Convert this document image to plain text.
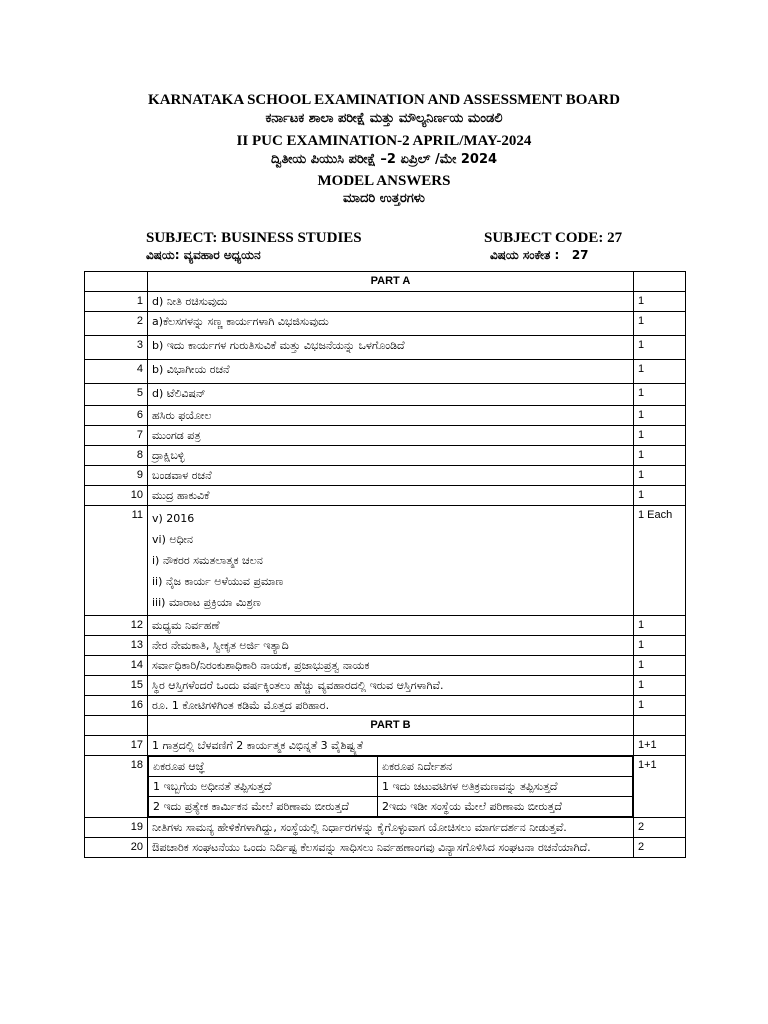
KARNATAKA SCHOOL EXAMINATION AND ASSESSMENT BOARD
ಕರ್ನಾಟಕ ಶಾಲಾ ಪರೀಕ್ಷೆ ಮತ್ತು ಮೌಲ್ಯನಿರ್ಣಯ ಮಂಡಲಿ
II PUC EXAMINATION-2 APRIL/MAY-2024
ದ್ವಿತೀಯ ಪಿಯುಸಿ ಪರೀಕ್ಷೆ –2 ಏಪ್ರಿಲ್ /ಮೇ 2024
MODEL ANSWERS
ಮಾದರಿ ಉತ್ತರಗಳು
SUBJECT: BUSINESS STUDIES
ವಿಷಯ: ವ್ಯವಹಾರ ಅಧ್ಯಯನ
SUBJECT CODE: 27
ವಿಷಯ ಸಂಕೇತ :   27
	PART A	
1	d) ನೀತಿ ರಚಿಸುವುದು	1
2	a)ಕೆಲಸಗಳನ್ನು ಸಣ್ಣ ಕಾರ್ಯಗಳಾಗಿ ವಿಭಜಿಸುವುದು	1
3	b) ಇದು ಕಾರ್ಯಗಳ ಗುರುತಿಸುವಿಕೆ ಮತ್ತು ವಿಭಜನೆಯನ್ನು ಒಳಗೊಂಡಿದೆ	1
4	b) ವಿಭಾಗೀಯ ರಚನೆ	1
5	d) ಟೆಲಿವಿಷನ್	1
6	ಹಸಿರು ಫಯೋಲ	1
7	ಮುಂಗಡ ಪತ್ರ	1
8	ದ್ರಾಕ್ಷಿಬಳ್ಳಿ	1
9	ಬಂಡವಾಳ ರಚನೆ	1
10	ಮುದ್ರ ಹಾಕುವಿಕೆ	1
11	v) 2016
vi) ಅಧೀನ
i) ನೌಕರರ ಸಮತಲಾತ್ಮಕ ಚಲನ
ii) ನೈಜ ಕಾರ್ಯ ಅಳೆಯುವ ಪ್ರಮಾಣ
iii) ಮಾರಾಟ ಪ್ರಕ್ರಿಯಾ ಮಿಶ್ರಣ
	1 Each
12	ಮಧ್ಯಮ ನಿರ್ವಹಣೆ	1
13	ನೇರ ನೇಮಕಾತಿ, ಸ್ವೀಕೃತ ಅರ್ಜಿ ಇತ್ಯಾದಿ	1
14	ಸರ್ವಾಧಿಕಾರಿ/ನಿರಂಕುಶಾಧಿಕಾರಿ ನಾಯಕ, ಪ್ರಜಾಭುಪ್ರತ್ವ ನಾಯಕ	1
15	ಸ್ಥಿರ ಆಸ್ತಿಗಳೆಂದರೆ ಒಂದು ವರ್ಷಕ್ಕಿಂತಲು ಹೆಚ್ಚು ವ್ಯವಹಾರದಲ್ಲಿ ಇರುವ ಆಸ್ತಿಗಳಾಗಿವೆ.	1
16	ರೂ. 1 ಕೋಟಿಗಳಿಗಿಂತ ಕಡಿಮೆ ಮೊತ್ತದ ಪರಿಹಾರ.	1
	PART B	
17	1 ಗಾತ್ರದಲ್ಲಿ ಬೆಳವಣಿಗೆ 2 ಕಾರ್ಯತ್ಮಕ ವಿಭಿನ್ನತೆ 3 ವೈಶಿಷ್ಟ್ಯತೆ	1+1
18	ಏಕರೂಪ ಆಜ್ಞೆ	ಏಕರೂಪ ನಿರ್ದೇಶನ
1 ಇಬ್ಬಗೆಯ ಅಧೀನತೆ ತಪ್ಪಿಸುತ್ತದೆ	1 ಇದು ಚಟುವಟಿಗಳ ಅತಿಕ್ರಮಣವನ್ನು ತಪ್ಪಿಸುತ್ತದೆ
2 ಇದು ಪ್ರತ್ಯೇಕ ಕಾರ್ಮಿಕನ ಮೇಲೆ ಪರಿಣಾಮ ಬೀರುತ್ತದೆ	2ಇದು ಇಡೀ ಸಂಸ್ಥೆಯ ಮೇಲೆ ಪರಿಣಾಮ ಬೀರುತ್ತದೆ
	1+1
19	ನೀತಿಗಳು ಸಾಮನ್ಯ ಹೇಳಿಕೆಗಳಾಗಿದ್ದು, ಸಂಸ್ಥೆಯಲ್ಲಿ ನಿರ್ಧಾರಗಳನ್ನು ಕೈಗೊಳ್ಳುವಾಗ ಯೋಚಿಸಲು ಮಾರ್ಗದರ್ಶನ ನೀಡುತ್ತವೆ.	2
20	ಔಪಚಾರಿಕ ಸಂಘಟನೆಯು ಒಂದು ನಿರ್ದಿಷ್ಟ ಕೆಲಸವನ್ನು ಸಾಧಿಸಲು ನಿರ್ವಹಣಾಂಗವು ವಿನ್ಯಾಸಗೊಳಿಸಿದ ಸಂಘಟನಾ ರಚನೆಯಾಗಿದೆ.	2
